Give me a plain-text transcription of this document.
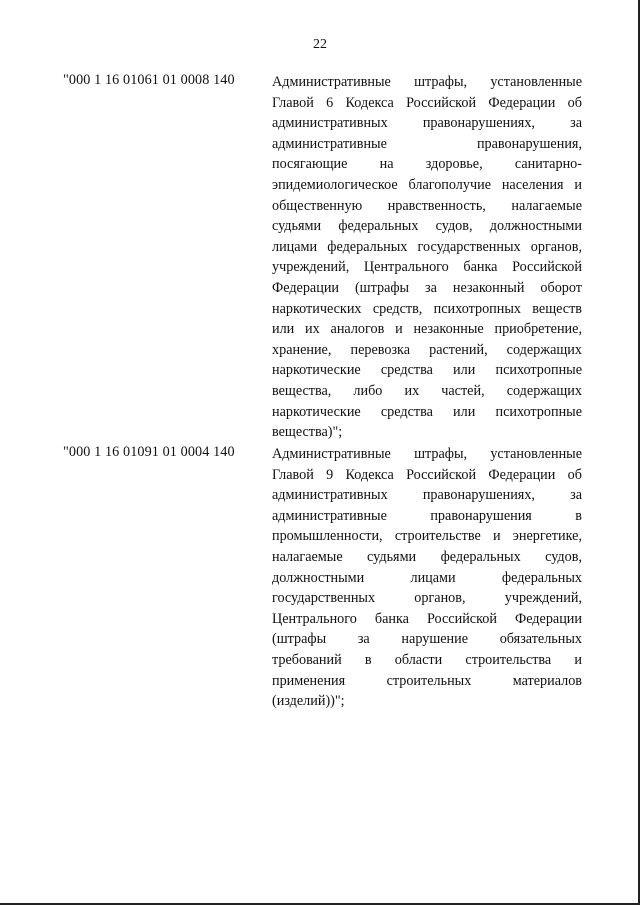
22
"000 1 16 01061 01 0008 140	Административные штрафы, установленные
Главой 6 Кодекса Российской Федерации об
административных правонарушениях, за
административные правонарушения,
посягающие на здоровье, санитарно-
эпидемиологическое благополучие населения и
общественную нравственность, налагаемые
судьями федеральных судов, должностными
лицами федеральных государственных органов,
учреждений, Центрального банка Российской
Федерации (штрафы за незаконный оборот
наркотических средств, психотропных веществ
или их аналогов и незаконные приобретение,
хранение, перевозка растений, содержащих
наркотические средства или психотропные
вещества, либо их частей, содержащих
наркотические средства или психотропные
вещества)";
"000 1 16 01091 01 0004 140	Административные штрафы, установленные
Главой 9 Кодекса Российской Федерации об
административных правонарушениях, за
административные правонарушения в
промышленности, строительстве и энергетике,
налагаемые судьями федеральных судов,
должностными лицами федеральных
государственных органов, учреждений,
Центрального банка Российской Федерации
(штрафы за нарушение обязательных
требований в области строительства и
применения строительных материалов
(изделий))";
